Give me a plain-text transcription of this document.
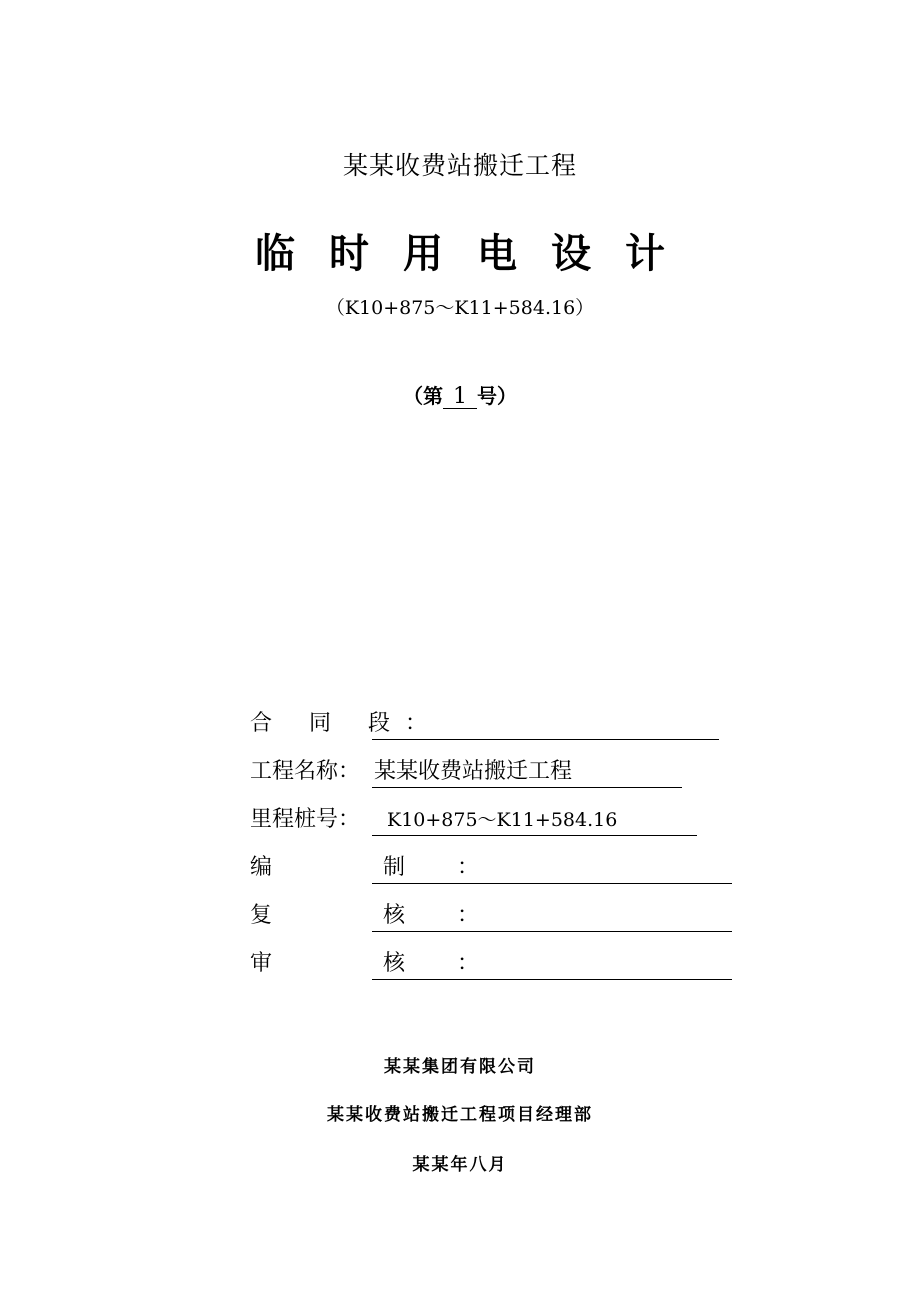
某某收费站搬迁工程
临时用电设计
（K10+875～K11+584.16）
（第 1 号）
合 同 段：
工程名称： 某某收费站搬迁工程
里程桩号： K10+875～K11+584.16
编 制：
复 核：
审 核：
某某集团有限公司
某某收费站搬迁工程项目经理部
某某年八月
